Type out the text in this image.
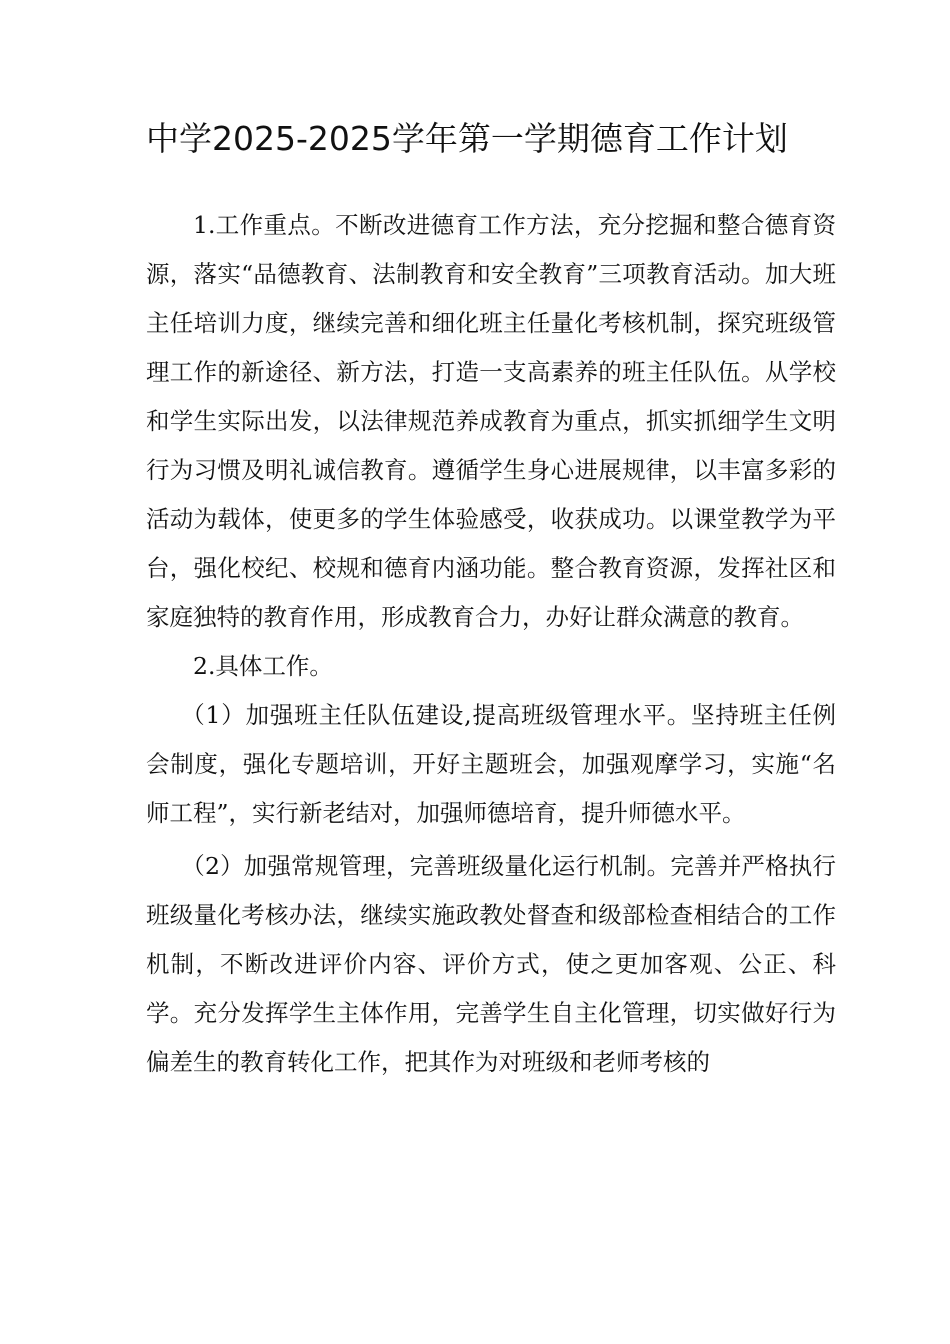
中学2025-2025学年第一学期德育工作计划

1.工作重点。不断改进德育工作方法，充分挖掘和整合德育资源，落实“品德教育、法制教育和安全教育”三项教育活动。加大班主任培训力度，继续完善和细化班主任量化考核机制，探究班级管理工作的新途径、新方法，打造一支高素养的班主任队伍。从学校和学生实际出发，以法律规范养成教育为重点，抓实抓细学生文明行为习惯及明礼诚信教育。遵循学生身心进展规律，以丰富多彩的活动为载体，使更多的学生体验感受，收获成功。以课堂教学为平台，强化校纪、校规和德育内涵功能。整合教育资源，发挥社区和家庭独特的教育作用，形成教育合力，办好让群众满意的教育。

2.具体工作。

（1）加强班主任队伍建设,提高班级管理水平。坚持班主任例会制度，强化专题培训，开好主题班会，加强观摩学习，实施“名师工程”，实行新老结对，加强师德培育，提升师德水平。

（2）加强常规管理，完善班级量化运行机制。完善并严格执行班级量化考核办法，继续实施政教处督查和级部检查相结合的工作机制，不断改进评价内容、评价方式，使之更加客观、公正、科学。充分发挥学生主体作用，完善学生自主化管理，切实做好行为偏差生的教育转化工作，把其作为对班级和老师考核的
